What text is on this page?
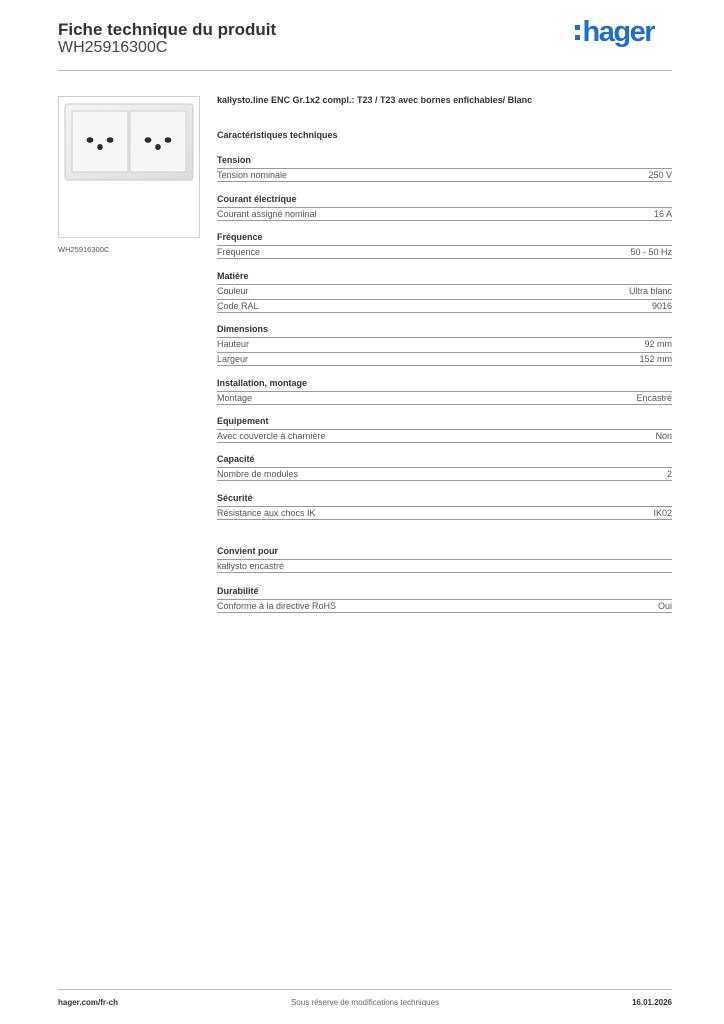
Fiche technique du produit
WH25916300C	hager
WH25916300C
kallysto.line ENC Gr.1x2 compl.: T23 / T23 avec bornes enfichables/ Blanc
Caractéristiques techniques
Tension
Tension nominale	250 V
Courant électrique
Courant assigné nominal	16 A
Fréquence
Fréquence	50 - 50 Hz
Matière
Couleur	Ultra blanc
Code RAL	9016
Dimensions
Hauteur	92 mm
Largeur	152 mm
Installation, montage
Montage	Encastré
Equipement
Avec couvercle à charnière	Non
Capacité
Nombre de modules	2
Sécurité
Résistance aux chocs IK	IK02
Convient pour
kallysto encastré
Durabilité
Conforme à la directive RoHS	Oui
hager.com/fr-ch	Sous réserve de modifications techniques	16.01.2026
